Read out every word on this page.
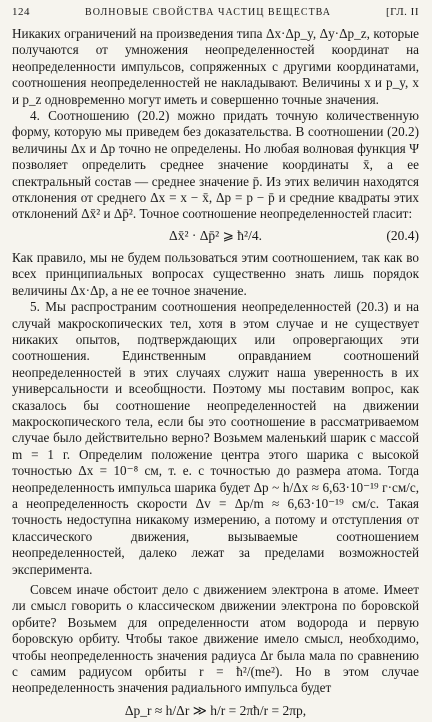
124	ВОЛНОВЫЕ СВОЙСТВА ЧАСТИЦ ВЕЩЕСТВА	[ГЛ. II

Никаких ограничений на произведения типа Δx·Δp_y, Δy·Δp_z, которые получаются от умножения неопределенностей координат на неопределенности импульсов, сопряженных с другими координатами, соотношения неопределенностей не накладывают. Величины x и p_y, x и p_z одновременно могут иметь и совершенно точные значения.

4. Соотношению (20.2) можно придать точную количественную форму, которую мы приведем без доказательства. В соотношении (20.2) величины Δx и Δp точно не определены. Но любая волновая функция Ψ позволяет определить среднее значение координаты x̄, а ее спектральный состав — среднее значение p̄. Из этих величин находятся отклонения от среднего Δx = x − x̄, Δp = p − p̄ и средние квадраты этих отклонений Δx̄² и Δp̄². Точное соотношение неопределенностей гласит:

Δx̄² · Δp̄² ⩾ ħ²/4.	(20.4)

Как правило, мы не будем пользоваться этим соотношением, так как во всех принципиальных вопросах существенно знать лишь порядок величины Δx·Δp, а не ее точное значение.

5. Мы распространим соотношения неопределенностей (20.3) и на случай макроскопических тел, хотя в этом случае и не существует никаких опытов, подтверждающих или опровергающих эти соотношения. Единственным оправданием соотношений неопределенностей в этих случаях служит наша уверенность в их универсальности и всеобщности. Поэтому мы поставим вопрос, как сказалось бы соотношение неопределенностей на движении макроскопического тела, если бы это соотношение в рассматриваемом случае было действительно верно? Возьмем маленький шарик с массой m = 1 г. Определим положение центра этого шарика с высокой точностью Δx = 10⁻⁸ см, т. е. с точностью до размера атома. Тогда неопределенность импульса шарика будет Δp ~ h/Δx ≈ 6,63·10⁻¹⁹ г·см/с, а неопределенность скорости Δv = Δp/m ≈ 6,63·10⁻¹⁹ см/с. Такая точность недоступна никакому измерению, а потому и отступления от классического движения, вызываемые соотношением неопределенностей, далеко лежат за пределами возможностей эксперимента.

Совсем иначе обстоит дело с движением электрона в атоме. Имеет ли смысл говорить о классическом движении электрона по боровской орбите? Возьмем для определенности атом водорода и первую боровскую орбиту. Чтобы такое движение имело смысл, необходимо, чтобы неопределенность значения радиуса Δr была мала по сравнению с самим радиусом орбиты r = ħ²/(me²). Но в этом случае неопределенность значения радиального импульса будет

Δp_r ≈ h/Δr ≫ h/r = 2πħ/r = 2πp,
